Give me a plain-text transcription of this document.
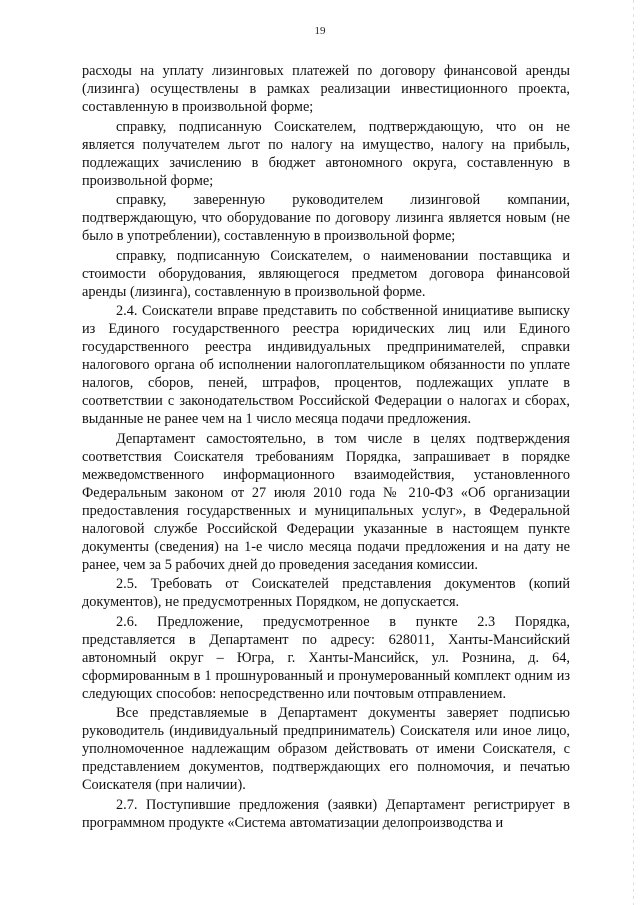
19

расходы на уплату лизинговых платежей по договору финансовой аренды (лизинга) осуществлены в рамках реализации инвестиционного проекта, составленную в произвольной форме;

справку, подписанную Соискателем, подтверждающую, что он не является получателем льгот по налогу на имущество, налогу на прибыль, подлежащих зачислению в бюджет автономного округа, составленную в произвольной форме;

справку, заверенную руководителем лизинговой компании, подтверждающую, что оборудование по договору лизинга является новым (не было в употреблении), составленную в произвольной форме;

справку, подписанную Соискателем, о наименовании поставщика и стоимости оборудования, являющегося предметом договора финансовой аренды (лизинга), составленную в произвольной форме.

2.4. Соискатели вправе представить по собственной инициативе выписку из Единого государственного реестра юридических лиц или Единого государственного реестра индивидуальных предпринимателей, справки налогового органа об исполнении налогоплательщиком обязанности по уплате налогов, сборов, пеней, штрафов, процентов, подлежащих уплате в соответствии с законодательством Российской Федерации о налогах и сборах, выданные не ранее чем на 1 число месяца подачи предложения.

Департамент самостоятельно, в том числе в целях подтверждения соответствия Соискателя требованиям Порядка, запрашивает в порядке межведомственного информационного взаимодействия, установленного Федеральным законом от 27 июля 2010 года № 210-ФЗ «Об организации предоставления государственных и муниципальных услуг», в Федеральной налоговой службе Российской Федерации указанные в настоящем пункте документы (сведения) на 1-е число месяца подачи предложения и на дату не ранее, чем за 5 рабочих дней до проведения заседания комиссии.

2.5. Требовать от Соискателей представления документов (копий документов), не предусмотренных Порядком, не допускается.

2.6. Предложение, предусмотренное в пункте 2.3 Порядка, представляется в Департамент по адресу: 628011, Ханты-Мансийский автономный округ – Югра, г. Ханты-Мансийск, ул. Рознина, д. 64, сформированным в 1 прошнурованный и пронумерованный комплект одним из следующих способов: непосредственно или почтовым отправлением.

Все представляемые в Департамент документы заверяет подписью руководитель (индивидуальный предприниматель) Соискателя или иное лицо, уполномоченное надлежащим образом действовать от имени Соискателя, с представлением документов, подтверждающих его полномочия, и печатью Соискателя (при наличии).

2.7. Поступившие предложения (заявки) Департамент регистрирует в программном продукте «Система автоматизации делопроизводства и
